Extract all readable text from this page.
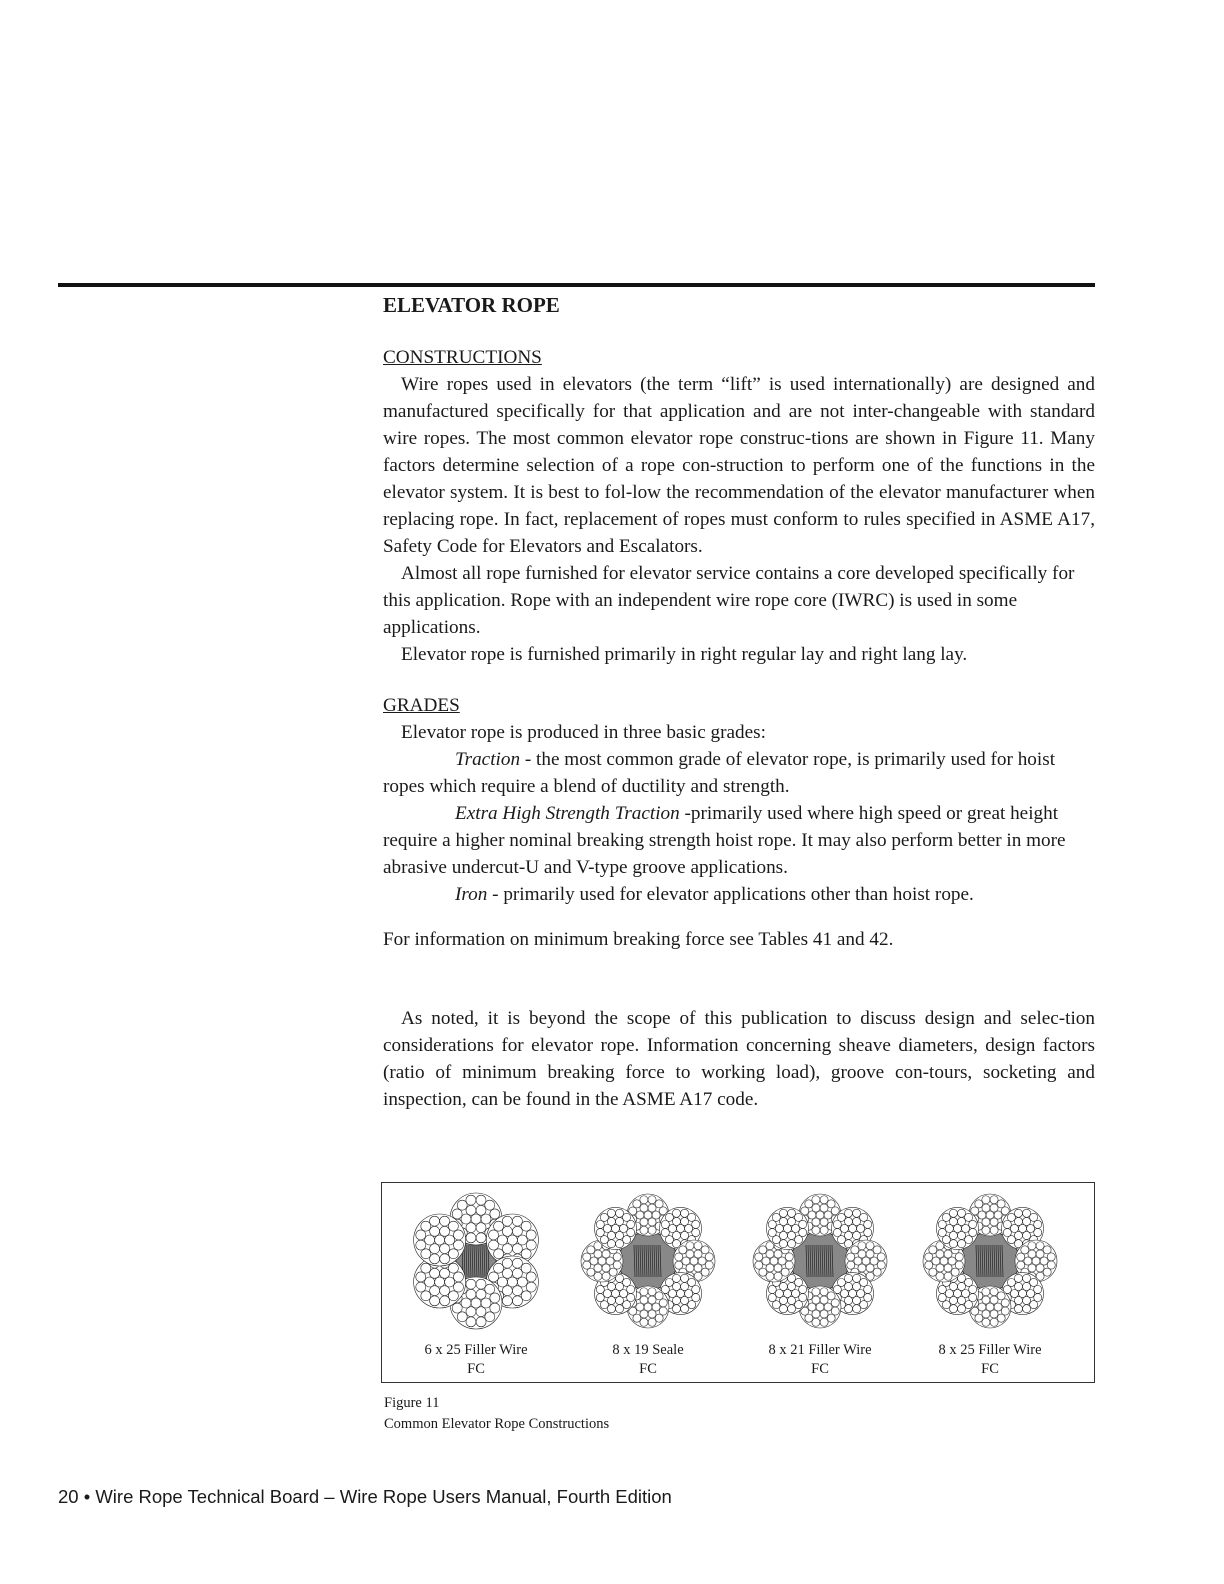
ELEVATOR ROPE

CONSTRUCTIONS

Wire ropes used in elevators (the term “lift” is used internationally) are designed and manufactured specifically for that application and are not inter-changeable with standard wire ropes. The most common elevator rope construc-tions are shown in Figure 11. Many factors determine selection of a rope con-struction to perform one of the functions in the elevator system. It is best to fol-low the recommendation of the elevator manufacturer when replacing rope. In fact, replacement of ropes must conform to rules specified in ASME A17, Safety Code for Elevators and Escalators.

Almost all rope furnished for elevator service contains a core developed specifically for this application. Rope with an independent wire rope core (IWRC) is used in some applications.

Elevator rope is furnished primarily in right regular lay and right lang lay.

GRADES

Elevator rope is produced in three basic grades:

Traction - the most common grade of elevator rope, is primarily used for hoist ropes which require a blend of ductility and strength.

Extra High Strength Traction -primarily used where high speed or great height require a higher nominal breaking strength hoist rope. It may also perform better in more abrasive undercut-U and V-type groove applications.

Iron - primarily used for elevator applications other than hoist rope.

For information on minimum breaking force see Tables 41 and 42.

As noted, it is beyond the scope of this publication to discuss design and selec-tion considerations for elevator rope. Information concerning sheave diameters, design factors (ratio of minimum breaking force to working load), groove con-tours, socketing and inspection, can be found in the ASME A17 code.

6 x 25 Filler Wire
FC
8 x 19 Seale
FC
8 x 21 Filler Wire
FC
8 x 25 Filler Wire
FC
Figure 11
Common Elevator Rope Constructions
20 • Wire Rope Technical Board – Wire Rope Users Manual, Fourth Edition
